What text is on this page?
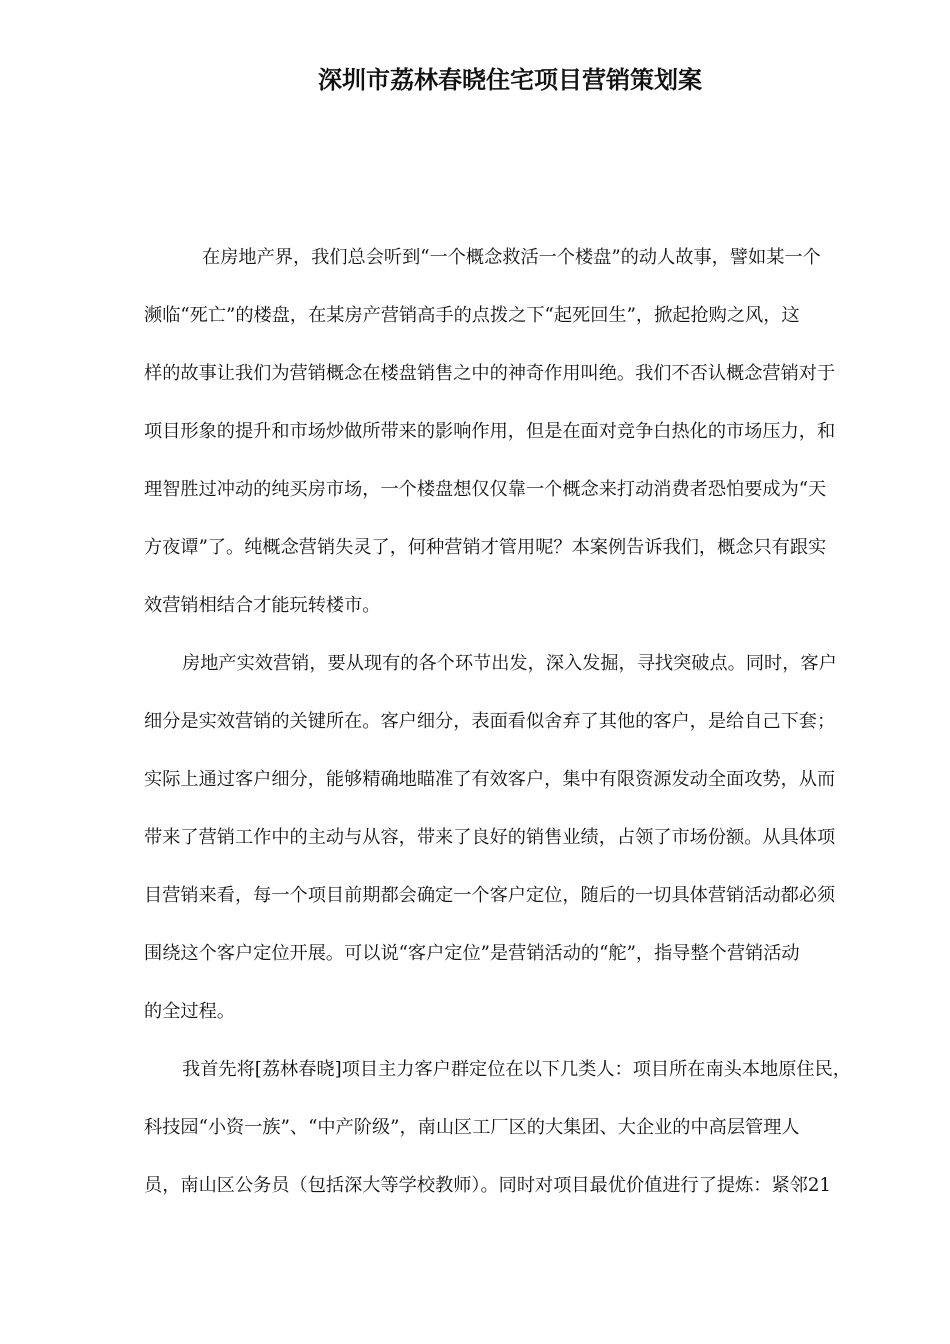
深圳市荔林春晓住宅项目营销策划案
在房地产界，我们总会听到“一个概念救活一个楼盘”的动人故事，譬如某一个
濒临“死亡”的楼盘，在某房产营销高手的点拨之下“起死回生”，掀起抢购之风，这
样的故事让我们为营销概念在楼盘销售之中的神奇作用叫绝。我们不否认概念营销对于
项目形象的提升和市场炒做所带来的影响作用，但是在面对竞争白热化的市场压力，和
理智胜过冲动的纯买房市场，一个楼盘想仅仅靠一个概念来打动消费者恐怕要成为“天
方夜谭”了。纯概念营销失灵了，何种营销才管用呢？本案例告诉我们，概念只有跟实
效营销相结合才能玩转楼市。
房地产实效营销，要从现有的各个环节出发，深入发掘，寻找突破点。同时，客户
细分是实效营销的关键所在。客户细分，表面看似舍弃了其他的客户，是给自己下套；
实际上通过客户细分，能够精确地瞄准了有效客户，集中有限资源发动全面攻势，从而
带来了营销工作中的主动与从容，带来了良好的销售业绩，占领了市场份额。从具体项
目营销来看，每一个项目前期都会确定一个客户定位，随后的一切具体营销活动都必须
围绕这个客户定位开展。可以说“客户定位”是营销活动的“舵”，指导整个营销活动
的全过程。
我首先将[荔林春晓]项目主力客户群定位在以下几类人：项目所在南头本地原住民，
科技园“小资一族”、“中产阶级”，南山区工厂区的大集团、大企业的中高层管理人
员，南山区公务员（包括深大等学校教师）。同时对项目最优价值进行了提炼：紧邻21
